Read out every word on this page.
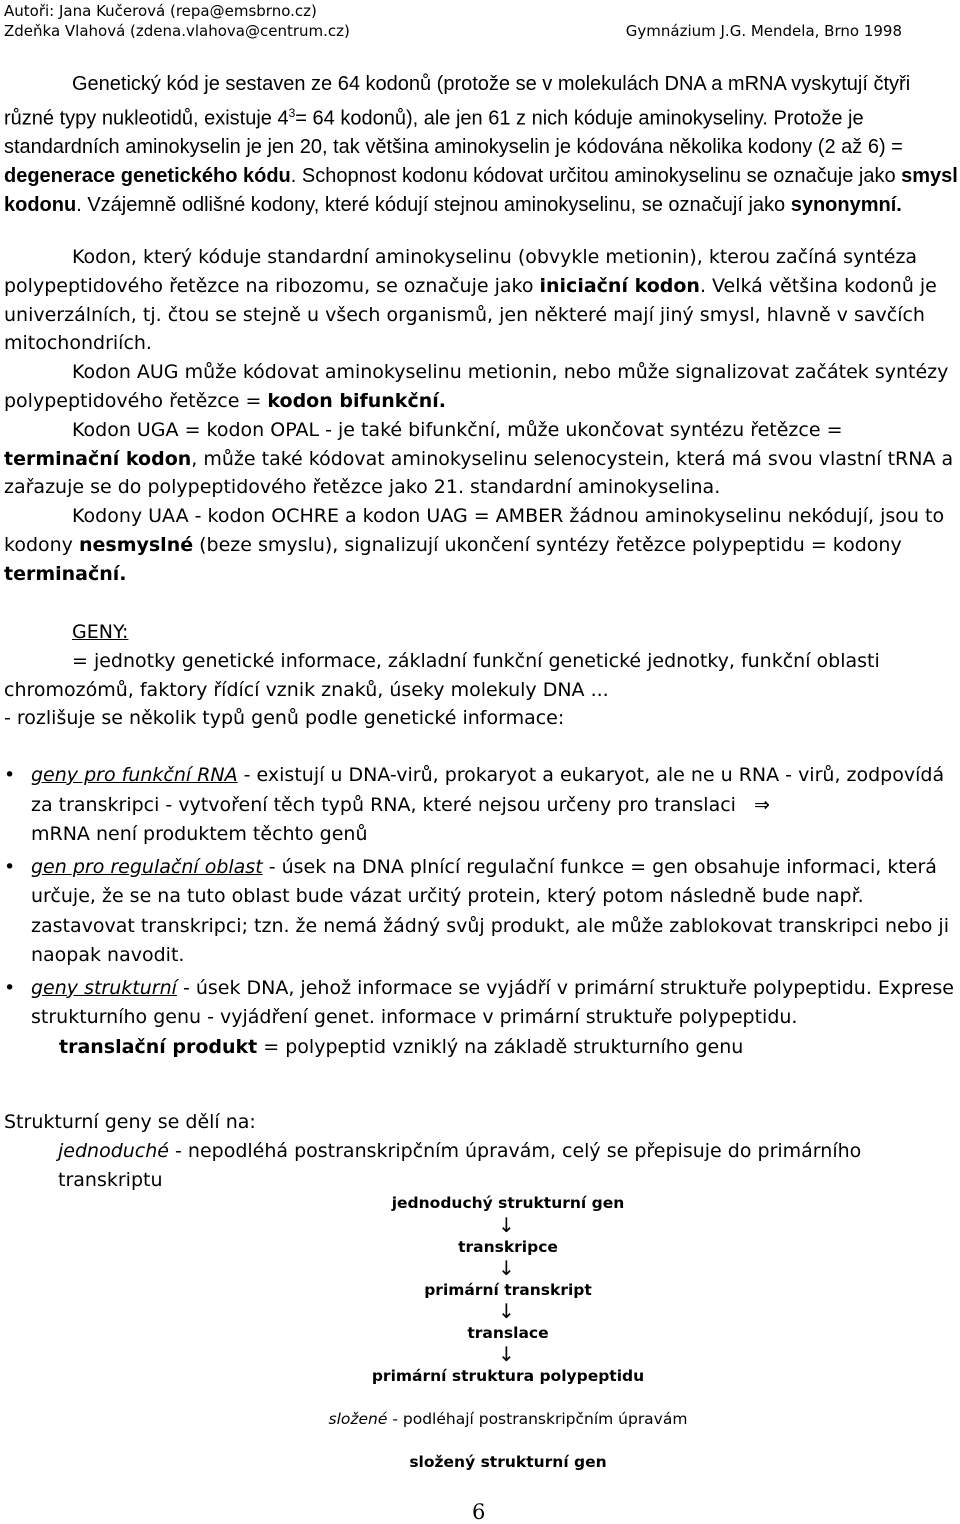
Autoři: Jana Kučerová (repa@emsbrno.cz)
Zdeňka Vlahová (zdena.vlahova@centrum.cz)	Gymnázium J.G. Mendela, Brno 1998

Genetický kód je sestaven ze 64 kodonů (protože se v molekulách DNA a mRNA vyskytují čtyři různé typy nukleotidů, existuje $4^3= 64$ kodonů), ale jen 61 z nich kóduje aminokyseliny. Protože je standardních aminokyselin je jen 20, tak většina aminokyselin je kódována několika kodony (2 až 6) = degenerace genetického kódu. Schopnost kodonu kódovat určitou aminokyselinu se označuje jako smysl kodonu. Vzájemně odlišné kodony, které kódují stejnou aminokyselinu, se označují jako synonymní.

Kodon, který kóduje standardní aminokyselinu (obvykle metionin), kterou začíná syntéza polypeptidového řetězce na ribozomu, se označuje jako iniciační kodon. Velká většina kodonů je univerzálních, tj. čtou se stejně u všech organismů, jen některé mají jiný smysl, hlavně v savčích mitochondriích.

Kodon AUG může kódovat aminokyselinu metionin, nebo může signalizovat začátek syntézy polypeptidového řetězce = kodon bifunkční.

Kodon UGA = kodon OPAL - je také bifunkční, může ukončovat syntézu řetězce = terminační kodon, může také kódovat aminokyselinu selenocystein, která má svou vlastní tRNA a zařazuje se do polypeptidového řetězce jako 21. standardní aminokyselina.

Kodony UAA - kodon OCHRE a kodon UAG = AMBER žádnou aminokyselinu nekódují, jsou to kodony nesmyslné (beze smyslu), signalizují ukončení syntézy řetězce polypeptidu = kodony terminační.

GENY:

= jednotky genetické informace, základní funkční genetické jednotky, funkční oblasti chromozómů, faktory řídící vznik znaků, úseky molekuly DNA ...

- rozlišuje se několik typů genů podle genetické informace:

• geny pro funkční RNA - existují u DNA-virů, prokaryot a eukaryot, ale ne u RNA - virů, zodpovídá za transkripci - vytvoření těch typů RNA, které nejsou určeny pro translaci ⇒
mRNA není produktem těchto genů
• gen pro regulační oblast - úsek na DNA plnící regulační funkce = gen obsahuje informaci, která určuje, že se na tuto oblast bude vázat určitý protein, který potom následně bude např. zastavovat transkripci; tzn. že nemá žádný svůj produkt, ale může zablokovat transkripci nebo ji naopak navodit.
• geny strukturní - úsek DNA, jehož informace se vyjádří v primární struktuře polypeptidu. Exprese strukturního genu - vyjádření genet. informace v primární struktuře polypeptidu.
translační produkt = polypeptid vzniklý na základě strukturního genu

Strukturní geny se dělí na:

jednoduché - nepodléhá postranskripčním úpravám, celý se přepisuje do primárního transkriptu

jednoduchý strukturní gen
↓
transkripce
↓
primární transkript
↓
translace
↓
primární struktura polypeptidu
složené - podléhají postranskripčním úpravám
složený strukturní gen
6
